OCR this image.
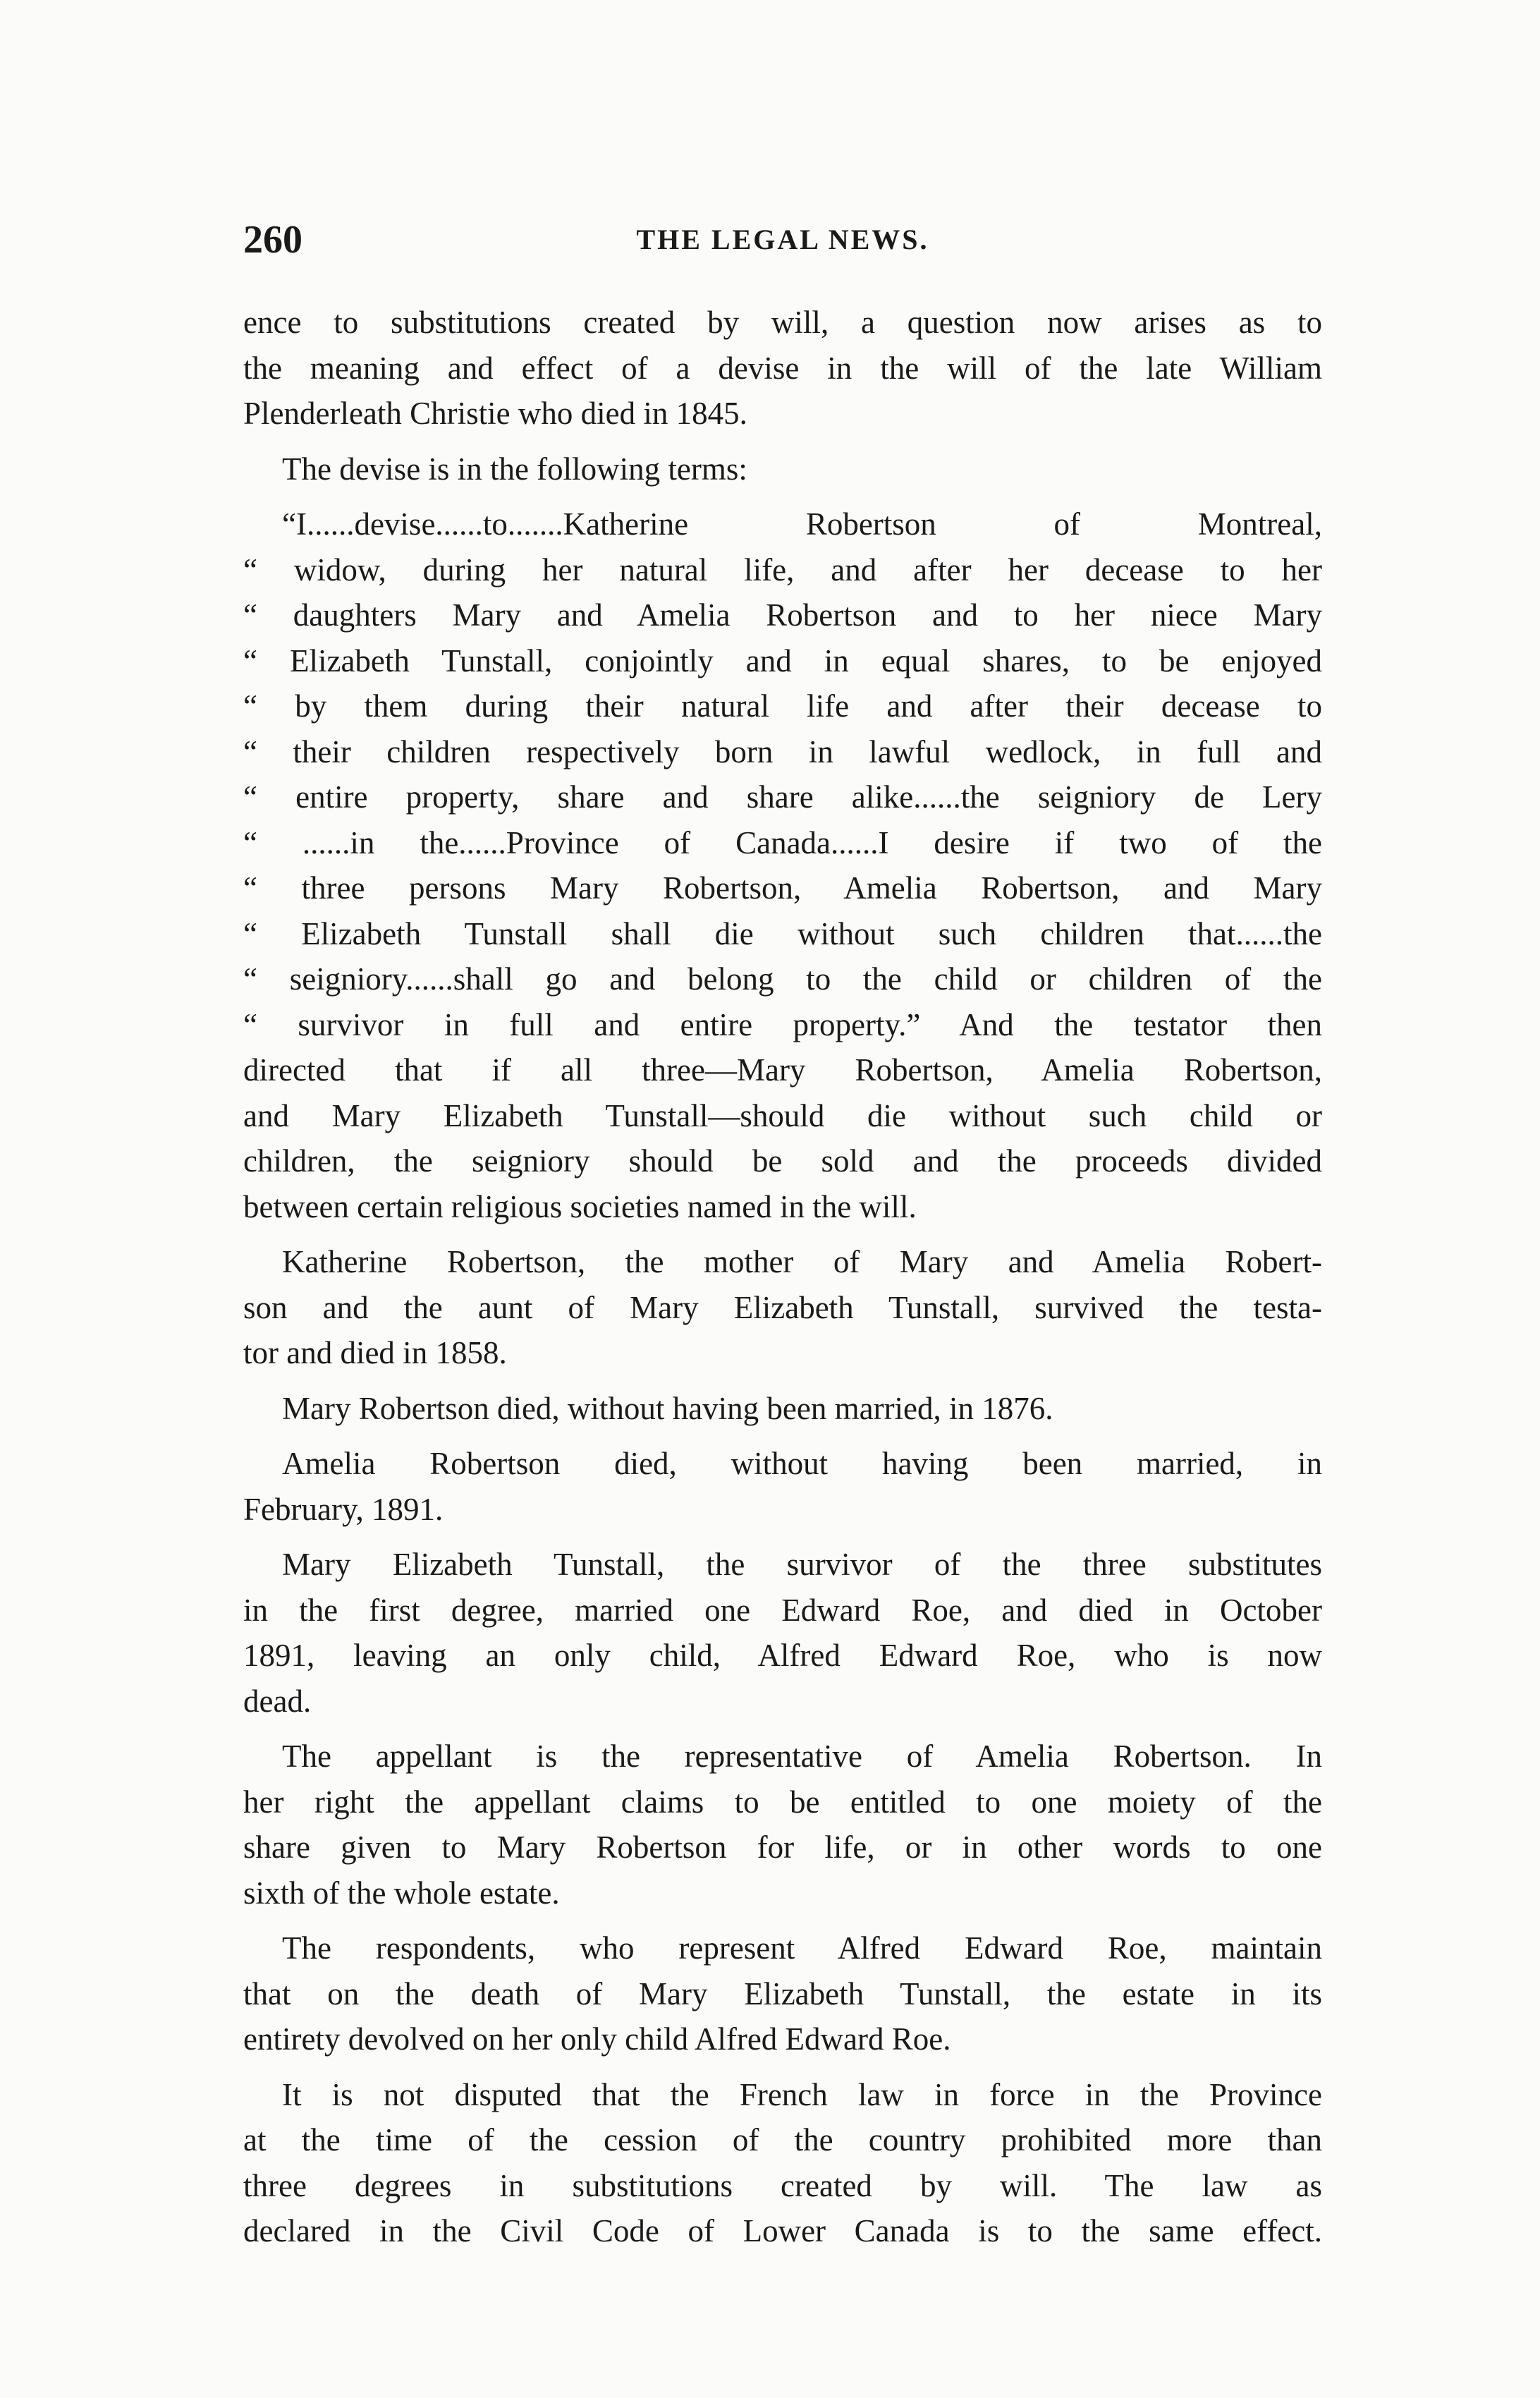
260	THE LEGAL NEWS.

ence to substitutions created by will, a question now arises as to
the meaning and effect of a devise in the will of the late William
Plenderleath Christie who died in 1845.

The devise is in the following terms:

“I......devise......to.......Katherine Robertson of Montreal,
“ widow, during her natural life, and after her decease to her
“ daughters Mary and Amelia Robertson and to her niece Mary
“ Elizabeth Tunstall, conjointly and in equal shares, to be enjoyed
“ by them during their natural life and after their decease to
“ their children respectively born in lawful wedlock, in full and
“ entire property, share and share alike......the seigniory de Lery
“ ......in the......Province of Canada......I desire if two of the
“ three persons Mary Robertson, Amelia Robertson, and Mary
“ Elizabeth Tunstall shall die without such children that......the
“ seigniory......shall go and belong to the child or children of the
“ survivor in full and entire property.” And the testator then
directed that if all three—Mary Robertson, Amelia Robertson,
and Mary Elizabeth Tunstall—should die without such child or
children, the seigniory should be sold and the proceeds divided
between certain religious societies named in the will.

Katherine Robertson, the mother of Mary and Amelia Robert-
son and the aunt of Mary Elizabeth Tunstall, survived the testa-
tor and died in 1858.

Mary Robertson died, without having been married, in 1876.

Amelia Robertson died, without having been married, in
February, 1891.

Mary Elizabeth Tunstall, the survivor of the three substitutes
in the first degree, married one Edward Roe, and died in October
1891, leaving an only child, Alfred Edward Roe, who is now
dead.

The appellant is the representative of Amelia Robertson. In
her right the appellant claims to be entitled to one moiety of the
share given to Mary Robertson for life, or in other words to one
sixth of the whole estate.

The respondents, who represent Alfred Edward Roe, maintain
that on the death of Mary Elizabeth Tunstall, the estate in its
entirety devolved on her only child Alfred Edward Roe.

It is not disputed that the French law in force in the Province
at the time of the cession of the country prohibited more than
three degrees in substitutions created by will. The law as
declared in the Civil Code of Lower Canada is to the same effect.
